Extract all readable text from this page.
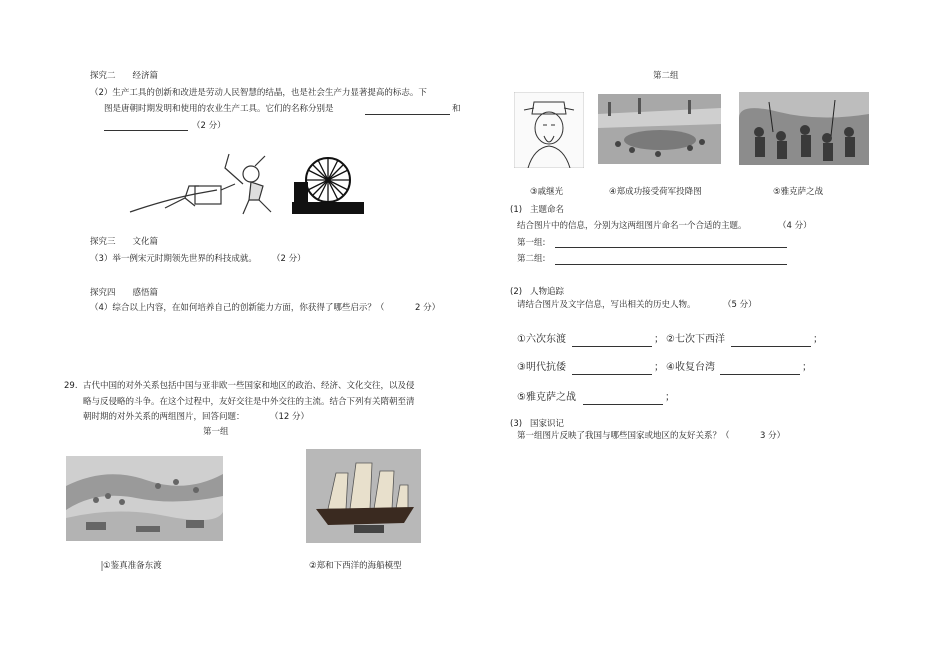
探究二　　经济篇
（2）生产工具的创新和改进是劳动人民智慧的结晶，也是社会生产力显著提高的标志。下
图是唐朝时期发明和使用的农业生产工具。它们的名称分别是	和
（2 分）
探究三　　文化篇
（3）举一例宋元时期领先世界的科技成就。 （2 分）
探究四　　感悟篇
（4）综合以上内容，在如何培养自己的创新能力方面，你获得了哪些启示？（	2 分）
29. 古代中国的对外关系包括中国与亚非欧一些国家和地区的政治、经济、文化交往，以及侵
略与反侵略的斗争。在这个过程中，友好交往是中外交往的主流。结合下列有关隋朝至清
朝时期的对外关系的两组图片，回答问题：	（12 分）
第一组
①鉴真准备东渡	②郑和下西洋的海船模型
第二组
③戚继光	④郑成功接受荷军投降图	⑤雅克萨之战
(1) 主题命名
结合图片中的信息，分别为这两组图片命名一个合适的主题。	（4 分）
第一组:
第二组:
(2) 人物追踪
请结合图片及文字信息，写出相关的历史人物。	（5 分）
①六次东渡	； ②七次下西洋	；
③明代抗倭	； ④收复台湾	；
⑤雅克萨之战	；
(3) 国家识记
第一组图片反映了我国与哪些国家或地区的友好关系？（	3 分）
